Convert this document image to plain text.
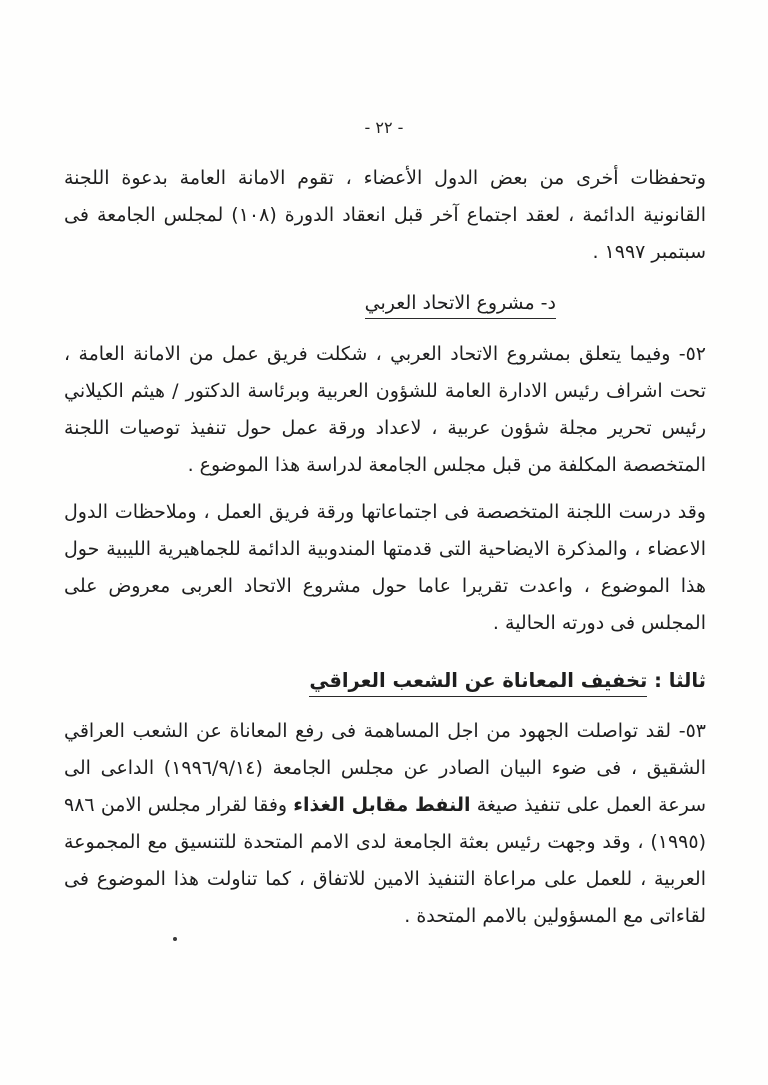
- ٢٢ -

وتحفظات أخرى من بعض الدول الأعضاء ، تقوم الامانة العامة بدعوة اللجنة القانونية الدائمة ، لعقد اجتماع آخر قبل انعقاد الدورة (١٠٨) لمجلس الجامعة فى سبتمبر ١٩٩٧ .

د- مشروع الاتحاد العربي

٥٢- وفيما يتعلق بمشروع الاتحاد العربي ، شكلت فريق عمل من الامانة العامة ، تحت اشراف رئيس الادارة العامة للشؤون العربية وبرئاسة الدكتور / هيثم الكيلاني رئيس تحرير مجلة شؤون عربية ، لاعداد ورقة عمل حول تنفيذ توصيات اللجنة المتخصصة المكلفة من قبل مجلس الجامعة لدراسة هذا الموضوع .

وقد درست اللجنة المتخصصة فى اجتماعاتها ورقة فريق العمل ، وملاحظات الدول الاعضاء ، والمذكرة الايضاحية التى قدمتها المندوبية الدائمة للجماهيرية الليبية حول هذا الموضوع ، واعدت تقريرا عاما حول مشروع الاتحاد العربى معروض على المجلس فى دورته الحالية .

ثالثا : تخفيف المعاناة عن الشعب العراقي

٥٣- لقد تواصلت الجهود من اجل المساهمة فى رفع المعاناة عن الشعب العراقي الشقيق ، فى ضوء البيان الصادر عن مجلس الجامعة (١٩٩٦/٩/١٤) الداعى الى سرعة العمل على تنفيذ صيغة النفط مقابل الغذاء وفقا لقرار مجلس الامن ٩٨٦ (١٩٩٥) ، وقد وجهت رئيس بعثة الجامعة لدى الامم المتحدة للتنسيق مع المجموعة العربية ، للعمل على مراعاة التنفيذ الامين للاتفاق ، كما تناولت هذا الموضوع فى لقاءاتى مع المسؤولين بالامم المتحدة .
